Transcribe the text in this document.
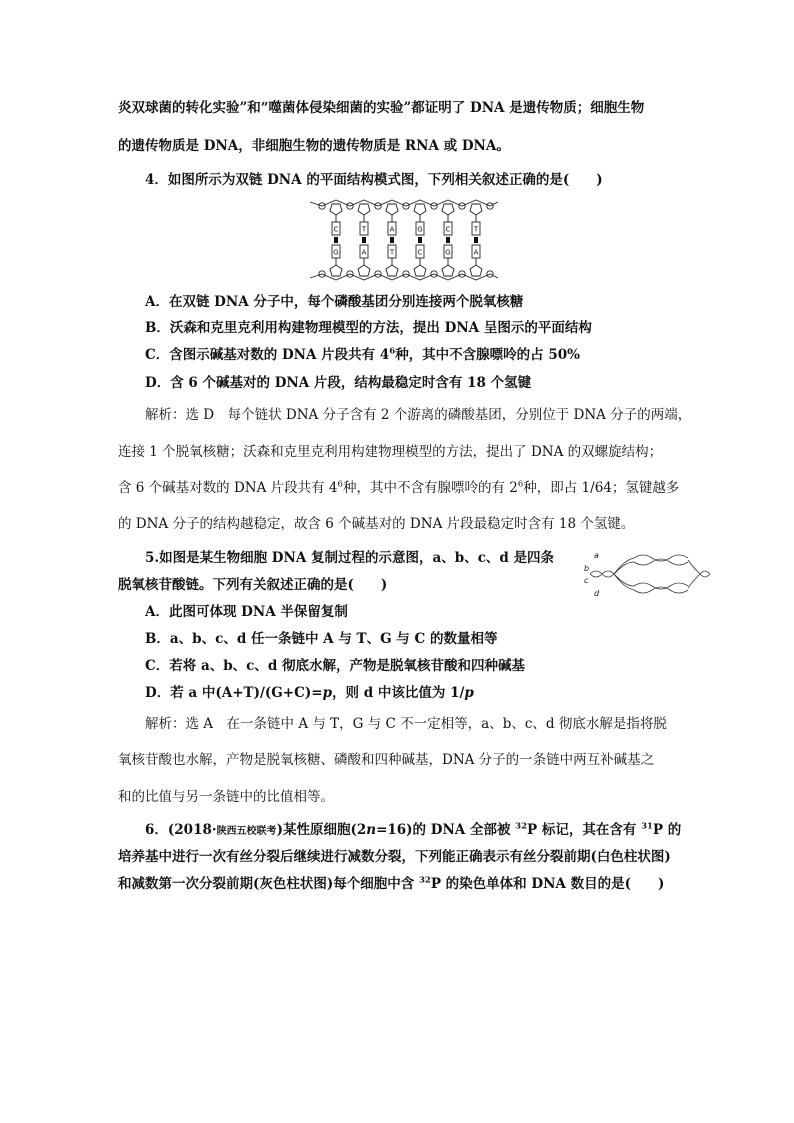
炎双球菌的转化实验”和“噬菌体侵染细菌的实验”都证明了 DNA 是遗传物质；细胞生物
的遗传物质是 DNA，非细胞生物的遗传物质是 RNA 或 DNA。
4．如图所示为双链 DNA 的平面结构模式图，下列相关叙述正确的是(　　)
C	T	A	G	C	T
G	A	T	C	G	A
A．在双链 DNA 分子中，每个磷酸基团分别连接两个脱氧核糖
B．沃森和克里克利用构建物理模型的方法，提出 DNA 呈图示的平面结构
C．含图示碱基对数的 DNA 片段共有 $4^6$种，其中不含腺嘌呤的占 50%
D．含 6 个碱基对的 DNA 片段，结构最稳定时含有 18 个氢键
解析：选 D　每个链状 DNA 分子含有 2 个游离的磷酸基团，分别位于 DNA 分子的两端，
连接 1 个脱氧核糖；沃森和克里克利用构建物理模型的方法，提出了 DNA 的双螺旋结构；
含 6 个碱基对数的 DNA 片段共有 $4^6$种，其中不含有腺嘌呤的有 $2^6$种，即占 1/64；氢键越多
的 DNA 分子的结构越稳定，故含 6 个碱基对的 DNA 片段最稳定时含有 18 个氢键。
5.如图是某生物细胞 DNA 复制过程的示意图，a、b、c、d 是四条
脱氧核苷酸链。下列有关叙述正确的是(　　)
a
b
c
d
A．此图可体现 DNA 半保留复制
B．a、b、c、d 任一条链中 A 与 T、G 与 C 的数量相等
C．若将 a、b、c、d 彻底水解，产物是脱氧核苷酸和四种碱基
D．若 a 中(A+T)/(G+C)=p，则 d 中该比值为 1/p
解析：选 A　在一条链中 A 与 T，G 与 C 不一定相等，a、b、c、d 彻底水解是指将脱
氧核苷酸也水解，产物是脱氧核糖、磷酸和四种碱基，DNA 分子的一条链中两互补碱基之
和的比值与另一条链中的比值相等。
6．(2018·陕西五校联考)某性原细胞(2n=16)的 DNA 全部被 $^{32}$P 标记，其在含有 $^{31}$P 的
培养基中进行一次有丝分裂后继续进行减数分裂，下列能正确表示有丝分裂前期(白色柱状图)
和减数第一次分裂前期(灰色柱状图)每个细胞中含 $^{32}$P 的染色单体和 DNA 数目的是(　　)
